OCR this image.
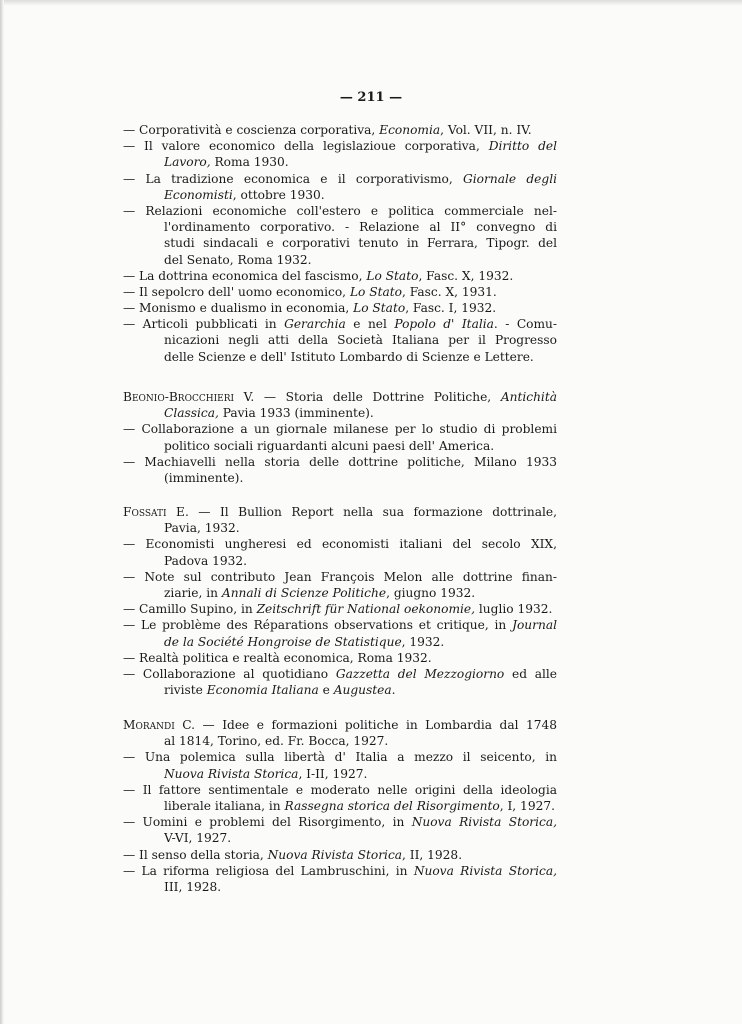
— 211 —
— Corporatività e coscienza corporativa, Economia, Vol. VII, n. IV.
— Il valore economico della legislazioue corporativa, Diritto del
Lavoro, Roma 1930.
— La tradizione economica e il corporativismo, Giornale degli
Economisti, ottobre 1930.
— Relazioni economiche coll'estero e politica commerciale nel-
l'ordinamento corporativo. - Relazione al II° convegno di
studi sindacali e corporativi tenuto in Ferrara, Tipogr. del
del Senato, Roma 1932.
— La dottrina economica del fascismo, Lo Stato, Fasc. X, 1932.
— Il sepolcro dell' uomo economico, Lo Stato, Fasc. X, 1931.
— Monismo e dualismo in economia, Lo Stato, Fasc. I, 1932.
— Articoli pubblicati in Gerarchia e nel Popolo d' Italia. - Comu-
nicazioni negli atti della Società Italiana per il Progresso
delle Scienze e dell' Istituto Lombardo di Scienze e Lettere.
Beonio-Brocchieri V. — Storia delle Dottrine Politiche, Antichità
Classica, Pavia 1933 (imminente).
— Collaborazione a un giornale milanese per lo studio di problemi
politico sociali riguardanti alcuni paesi dell' America.
— Machiavelli nella storia delle dottrine politiche, Milano 1933
(imminente).
Fossati E. — Il Bullion Report nella sua formazione dottrinale,
Pavia, 1932.
— Economisti ungheresi ed economisti italiani del secolo XIX,
Padova 1932.
— Note sul contributo Jean François Melon alle dottrine finan-
ziarie, in Annali di Scienze Politiche, giugno 1932.
— Camillo Supino, in Zeitschrift für National oekonomie, luglio 1932.
— Le problème des Réparations observations et critique, in Journal
de la Société Hongroise de Statistique, 1932.
— Realtà politica e realtà economica, Roma 1932.
— Collaborazione al quotidiano Gazzetta del Mezzogiorno ed alle
riviste Economia Italiana e Augustea.
Morandi C. — Idee e formazioni politiche in Lombardia dal 1748
al 1814, Torino, ed. Fr. Bocca, 1927.
— Una polemica sulla libertà d' Italia a mezzo il seicento, in
Nuova Rivista Storica, I-II, 1927.
— Il fattore sentimentale e moderato nelle origini della ideologia
liberale italiana, in Rassegna storica del Risorgimento, I, 1927.
— Uomini e problemi del Risorgimento, in Nuova Rivista Storica,
V-VI, 1927.
— Il senso della storia, Nuova Rivista Storica, II, 1928.
— La riforma religiosa del Lambruschini, in Nuova Rivista Storica,
III, 1928.
